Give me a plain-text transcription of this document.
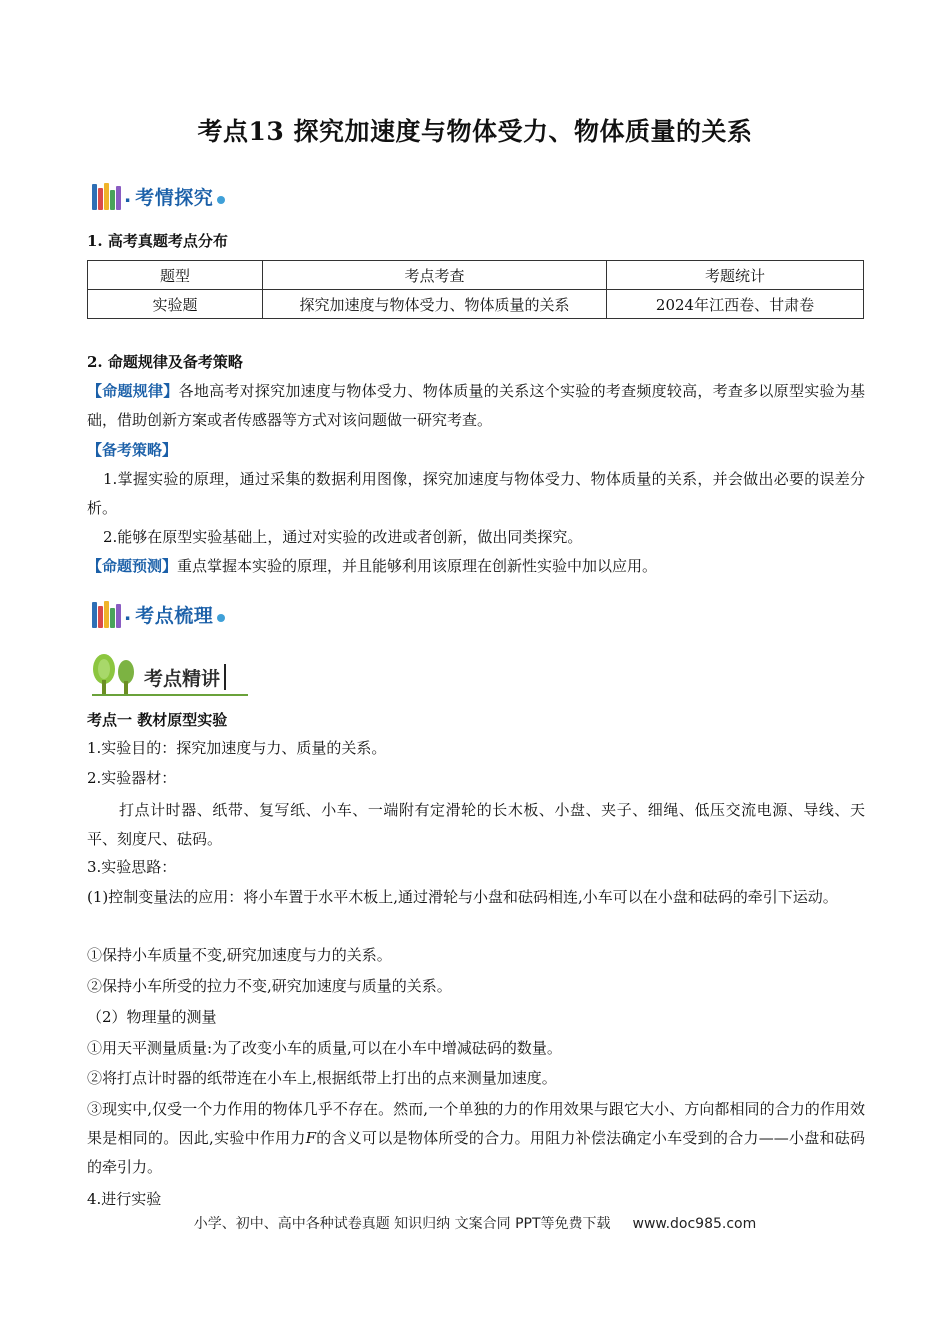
考点13 探究加速度与物体受力、物体质量的关系
. 考情探究
1. 高考真题考点分布
题型	考点考查	考题统计
实验题	探究加速度与物体受力、物体质量的关系	2024年江西卷、甘肃卷
2. 命题规律及备考策略
【命题规律】各地高考对探究加速度与物体受力、物体质量的关系这个实验的考查频度较高，考查多以原型实验为基础，借助创新方案或者传感器等方式对该问题做一研究考查。
【备考策略】
1.掌握实验的原理，通过采集的数据利用图像，探究加速度与物体受力、物体质量的关系，并会做出必要的误差分析。
2.能够在原型实验基础上，通过对实验的改进或者创新，做出同类探究。
【命题预测】重点掌握本实验的原理，并且能够利用该原理在创新性实验中加以应用。
. 考点梳理
考点精讲
考点一 教材原型实验
1.实验目的：探究加速度与力、质量的关系。
2.实验器材：
打点计时器、纸带、复写纸、小车、一端附有定滑轮的长木板、小盘、夹子、细绳、低压交流电源、导线、天平、刻度尺、砝码。
3.实验思路：
(1)控制变量法的应用：将小车置于水平木板上,通过滑轮与小盘和砝码相连,小车可以在小盘和砝码的牵引下运动。
①保持小车质量不变,研究加速度与力的关系。
②保持小车所受的拉力不变,研究加速度与质量的关系。
（2）物理量的测量
①用天平测量质量:为了改变小车的质量,可以在小车中增减砝码的数量。
②将打点计时器的纸带连在小车上,根据纸带上打出的点来测量加速度。
③现实中,仅受一个力作用的物体几乎不存在。然而,一个单独的力的作用效果与跟它大小、方向都相同的合力的作用效果是相同的。因此,实验中作用力F的含义可以是物体所受的合力。用阻力补偿法确定小车受到的合力——小盘和砝码的牵引力。
4.进行实验
小学、初中、高中各种试卷真题 知识归纳 文案合同 PPT等免费下载 www.doc985.com
